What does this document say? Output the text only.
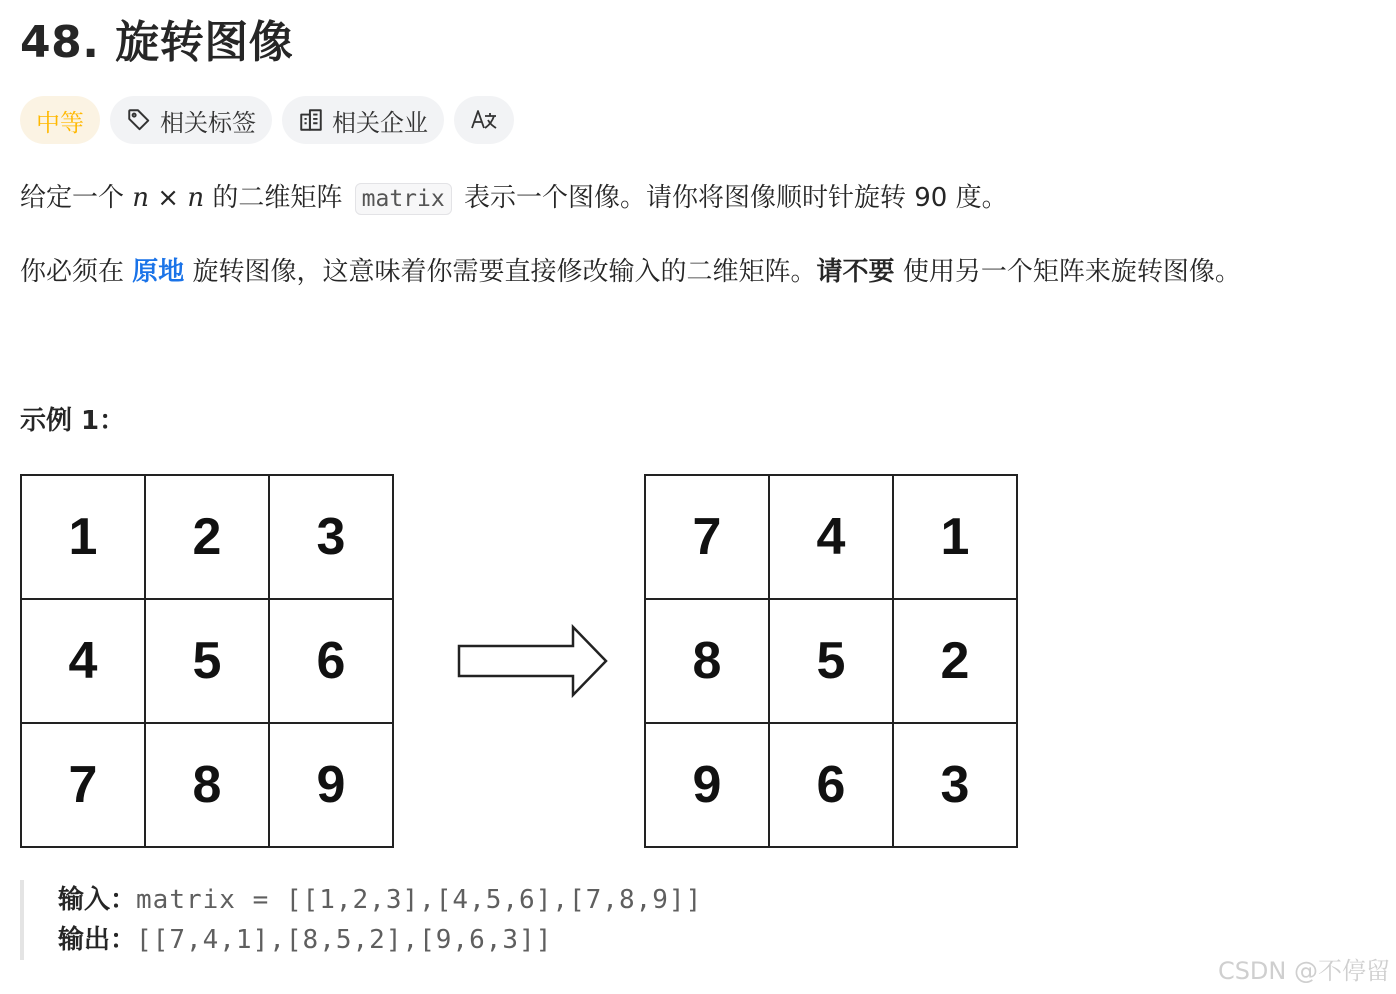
48. 旋转图像
中等	相关标签	相关企业
给定一个 n × n 的二维矩阵 matrix 表示一个图像。请你将图像顺时针旋转 90 度。
你必须在 原地 旋转图像，这意味着你需要直接修改输入的二维矩阵。请不要 使用另一个矩阵来旋转图像。
示例 1：
1	2	3
4	5	6
7	8	9
7	4	1
8	5	2
9	6	3
输入：matrix = [[1,2,3],[4,5,6],[7,8,9]]
输出：[[7,4,1],[8,5,2],[9,6,3]]
CSDN @不停留
